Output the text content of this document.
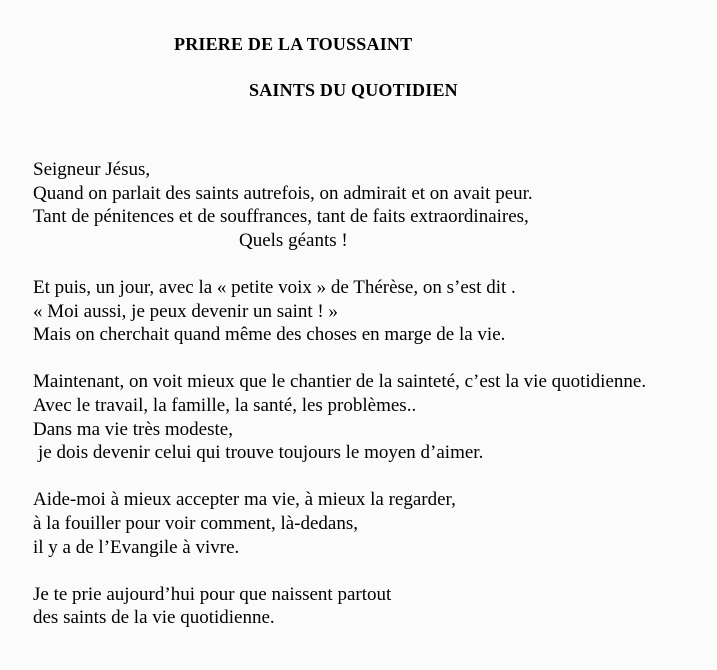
PRIERE DE LA TOUSSAINT
SAINTS DU QUOTIDIEN
Seigneur Jésus,
Quand on parlait des saints autrefois, on admirait et on avait peur.
Tant de pénitences et de souffrances, tant de faits extraordinaires,
Quels géants !
Et puis, un jour, avec la « petite voix » de Thérèse, on s’est dit .
« Moi aussi, je peux devenir un saint ! »
Mais on cherchait quand même des choses en marge de la vie.
Maintenant, on voit mieux que le chantier de la sainteté, c’est la vie quotidienne.
Avec le travail, la famille, la santé, les problèmes..
Dans ma vie très modeste,
je dois devenir celui qui trouve toujours le moyen d’aimer.
Aide-moi à mieux accepter ma vie, à mieux la regarder,
à la fouiller pour voir comment, là-dedans,
il y a de l’Evangile à vivre.
Je te prie aujourd’hui pour que naissent partout
des saints de la vie quotidienne.
